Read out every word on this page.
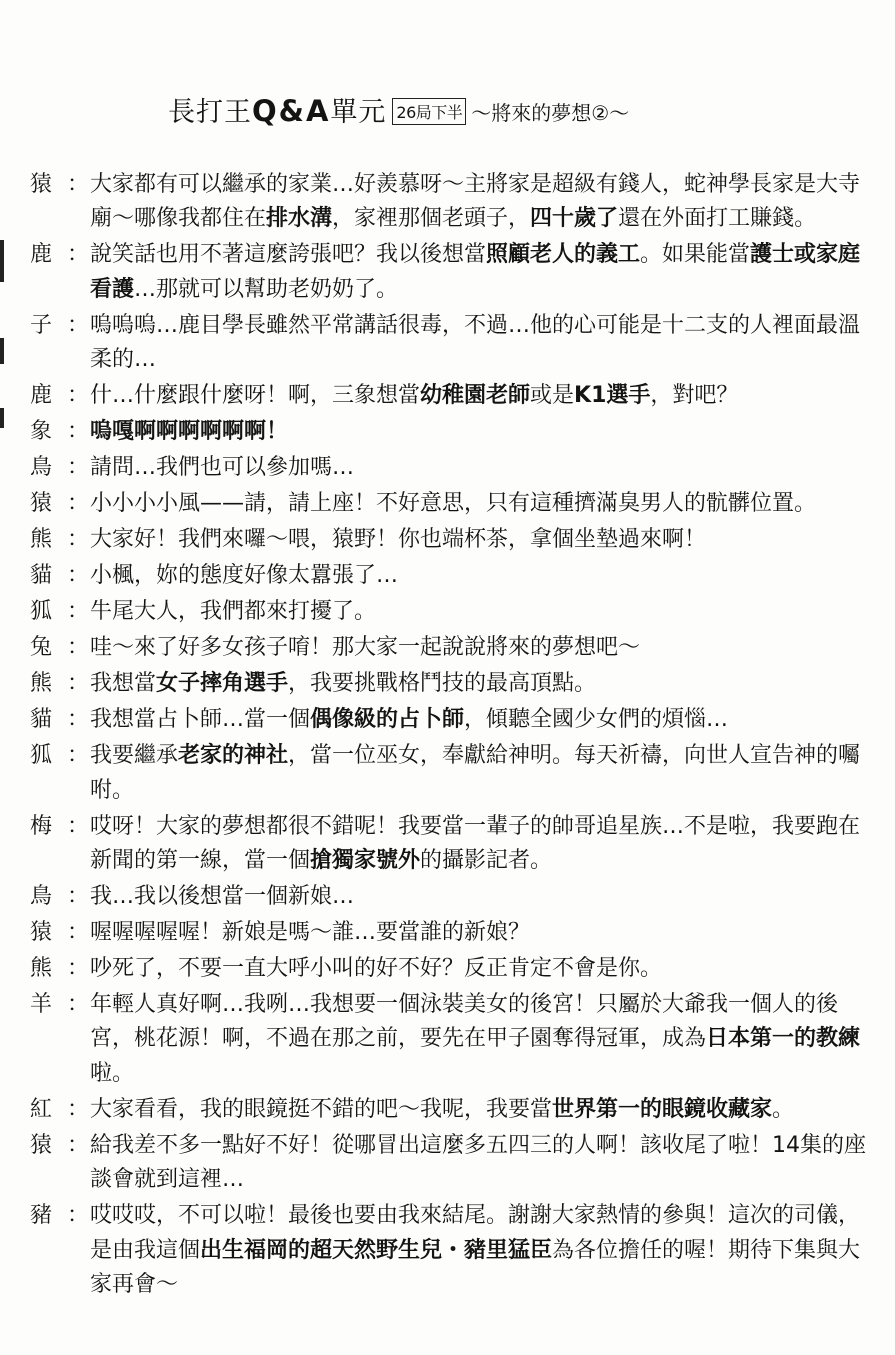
長打王Q&A單元 26局下半 ～將來的夢想②～
猿 ： 大家都有可以繼承的家業…好羨慕呀～主將家是超級有錢人，蛇神學長家是大寺廟～哪像我都住在排水溝，家裡那個老頭子，四十歲了還在外面打工賺錢。
鹿 ： 說笑話也用不著這麼誇張吧？我以後想當照顧老人的義工。如果能當護士或家庭看護…那就可以幫助老奶奶了。
子 ： 嗚嗚嗚…鹿目學長雖然平常講話很毒，不過…他的心可能是十二支的人裡面最溫柔的…
鹿 ： 什…什麼跟什麼呀！啊，三象想當幼稚園老師或是K1選手，對吧？
象 ： 嗚嘎啊啊啊啊啊啊！
鳥 ： 請問…我們也可以參加嗎…
猿 ： 小小小小風——請，請上座！不好意思，只有這種擠滿臭男人的骯髒位置。
熊 ： 大家好！我們來囉～喂，猿野！你也端杯茶，拿個坐墊過來啊！
貓 ： 小楓，妳的態度好像太囂張了…
狐 ： 牛尾大人，我們都來打擾了。
兔 ： 哇～來了好多女孩子唷！那大家一起說說將來的夢想吧～
熊 ： 我想當女子摔角選手，我要挑戰格鬥技的最高頂點。
貓 ： 我想當占卜師…當一個偶像級的占卜師，傾聽全國少女們的煩惱…
狐 ： 我要繼承老家的神社，當一位巫女，奉獻給神明。每天祈禱，向世人宣告神的囑咐。
梅 ： 哎呀！大家的夢想都很不錯呢！我要當一輩子的帥哥追星族…不是啦，我要跑在新聞的第一線，當一個搶獨家號外的攝影記者。
鳥 ： 我…我以後想當一個新娘…
猿 ： 喔喔喔喔喔！新娘是嗎～誰…要當誰的新娘？
熊 ： 吵死了，不要一直大呼小叫的好不好？反正肯定不會是你。
羊 ： 年輕人真好啊…我咧…我想要一個泳裝美女的後宮！只屬於大爺我一個人的後宮，桃花源！啊，不過在那之前，要先在甲子園奪得冠軍，成為日本第一的教練啦。
紅 ： 大家看看，我的眼鏡挺不錯的吧～我呢，我要當世界第一的眼鏡收藏家。
猿 ： 給我差不多一點好不好！從哪冒出這麼多五四三的人啊！該收尾了啦！14集的座談會就到這裡…
豬 ： 哎哎哎，不可以啦！最後也要由我來結尾。謝謝大家熱情的參與！這次的司儀，是由我這個出生福岡的超天然野生兒・豬里猛臣為各位擔任的喔！期待下集與大家再會～
